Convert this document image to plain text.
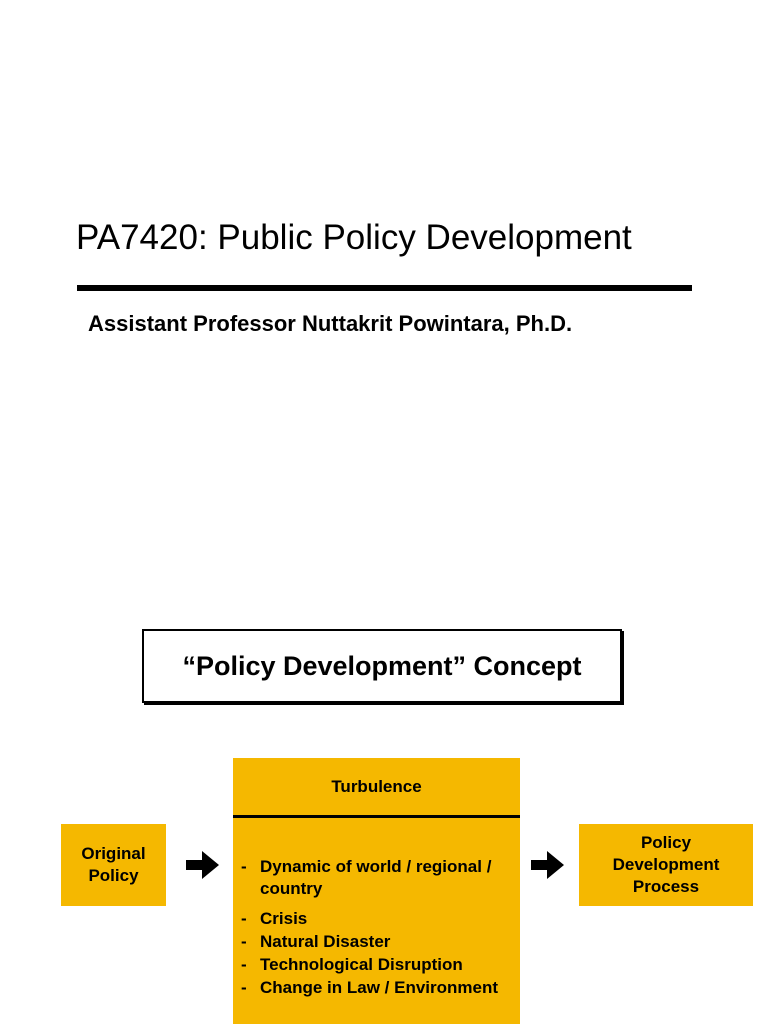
PA7420: Public Policy Development
Assistant Professor Nuttakrit Powintara, Ph.D.
“Policy Development” Concept
Original Policy
Turbulence
- Dynamic of world / regional / country
- Crisis
- Natural Disaster
- Technological Disruption
- Change in Law / Environment
Policy Development Process
